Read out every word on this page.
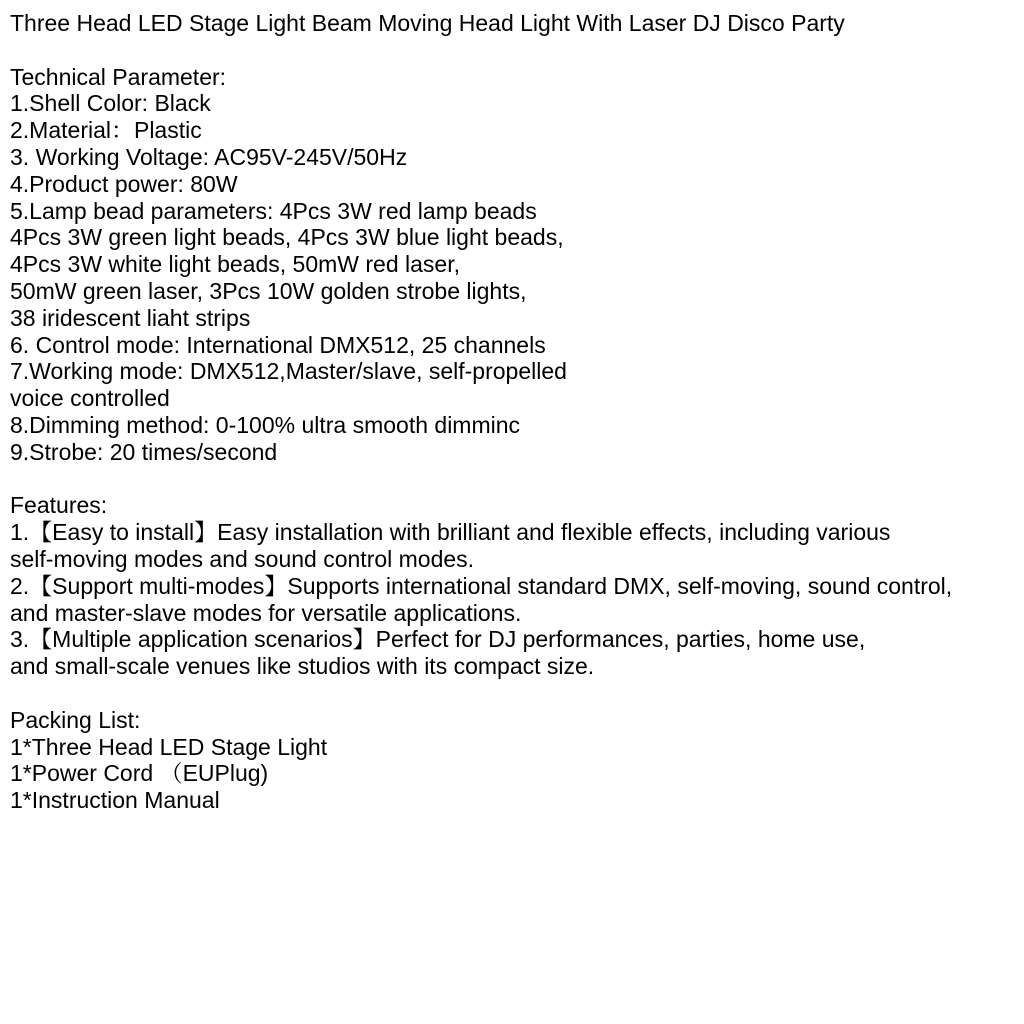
Three Head LED Stage Light Beam Moving Head Light With Laser DJ Disco Party
Technical Parameter:
1.Shell Color: Black
2.Material：Plastic
3. Working Voltage: AC95V-245V/50Hz
4.Product power: 80W
5.Lamp bead parameters: 4Pcs 3W red lamp beads
4Pcs 3W green light beads, 4Pcs 3W blue light beads,
4Pcs 3W white light beads, 50mW red laser,
50mW green laser, 3Pcs 10W golden strobe lights,
38 iridescent liaht strips
6. Control mode: International DMX512, 25 channels
7.Working mode: DMX512,Master/slave, self-propelled
voice controlled
8.Dimming method: 0-100% ultra smooth dimminc
9.Strobe: 20 times/second
Features:
1.【Easy to install】Easy installation with brilliant and flexible effects, including various
self-moving modes and sound control modes.
2.【Support multi-modes】Supports international standard DMX, self-moving, sound control,
and master-slave modes for versatile applications.
3.【Multiple application scenarios】Perfect for DJ performances, parties, home use,
and small-scale venues like studios with its compact size.
Packing List:
1*Three Head LED Stage Light
1*Power Cord （EUPlug)
1*Instruction Manual
